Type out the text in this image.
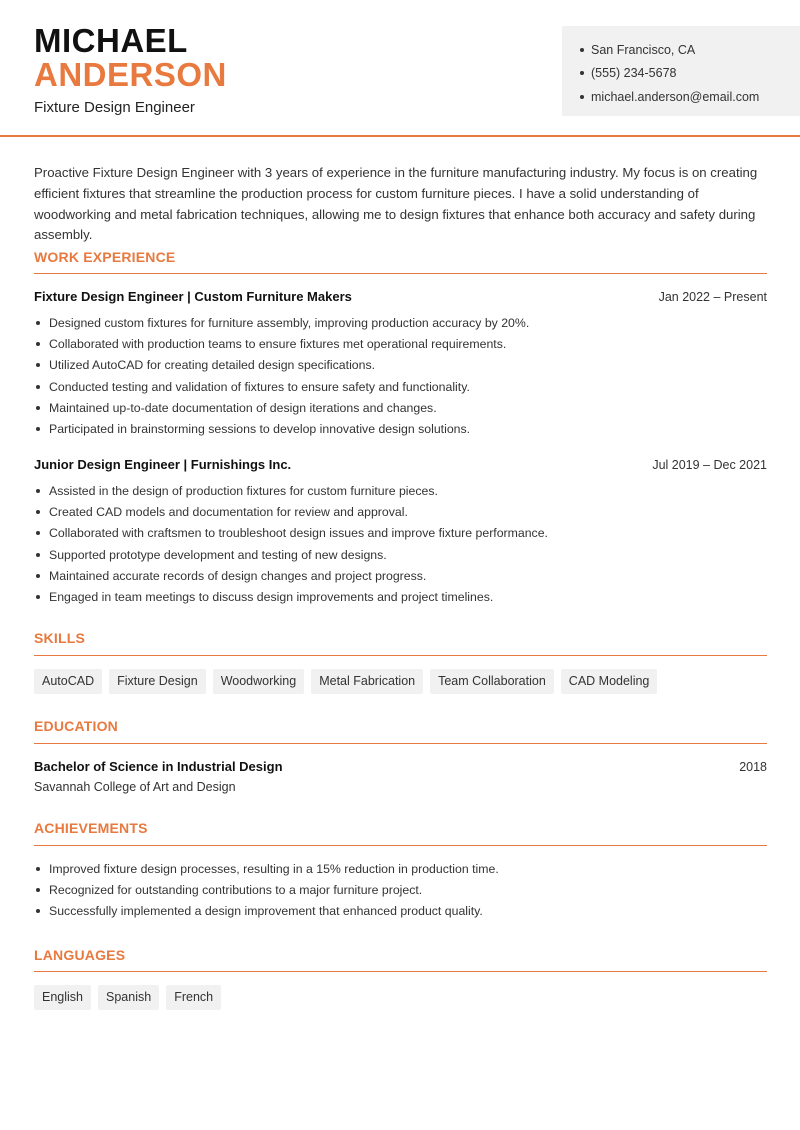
MICHAEL
ANDERSON
Fixture Design Engineer
San Francisco, CA
(555) 234-5678
michael.anderson@email.com

Proactive Fixture Design Engineer with 3 years of experience in the furniture manufacturing industry. My focus is on creating efficient fixtures that streamline the production process for custom furniture pieces. I have a solid understanding of woodworking and metal fabrication techniques, allowing me to design fixtures that enhance both accuracy and safety during assembly.

WORK EXPERIENCE
Fixture Design Engineer | Custom Furniture Makers	Jan 2022 – Present
Designed custom fixtures for furniture assembly, improving production accuracy by 20%.
Collaborated with production teams to ensure fixtures met operational requirements.
Utilized AutoCAD for creating detailed design specifications.
Conducted testing and validation of fixtures to ensure safety and functionality.
Maintained up-to-date documentation of design iterations and changes.
Participated in brainstorming sessions to develop innovative design solutions.
Junior Design Engineer | Furnishings Inc.	Jul 2019 – Dec 2021
Assisted in the design of production fixtures for custom furniture pieces.
Created CAD models and documentation for review and approval.
Collaborated with craftsmen to troubleshoot design issues and improve fixture performance.
Supported prototype development and testing of new designs.
Maintained accurate records of design changes and project progress.
Engaged in team meetings to discuss design improvements and project timelines.
SKILLS
AutoCAD	Fixture Design	Woodworking	Metal Fabrication	Team Collaboration	CAD Modeling
EDUCATION
Bachelor of Science in Industrial Design	2018
Savannah College of Art and Design
ACHIEVEMENTS
Improved fixture design processes, resulting in a 15% reduction in production time.
Recognized for outstanding contributions to a major furniture project.
Successfully implemented a design improvement that enhanced product quality.
LANGUAGES
English	Spanish	French
